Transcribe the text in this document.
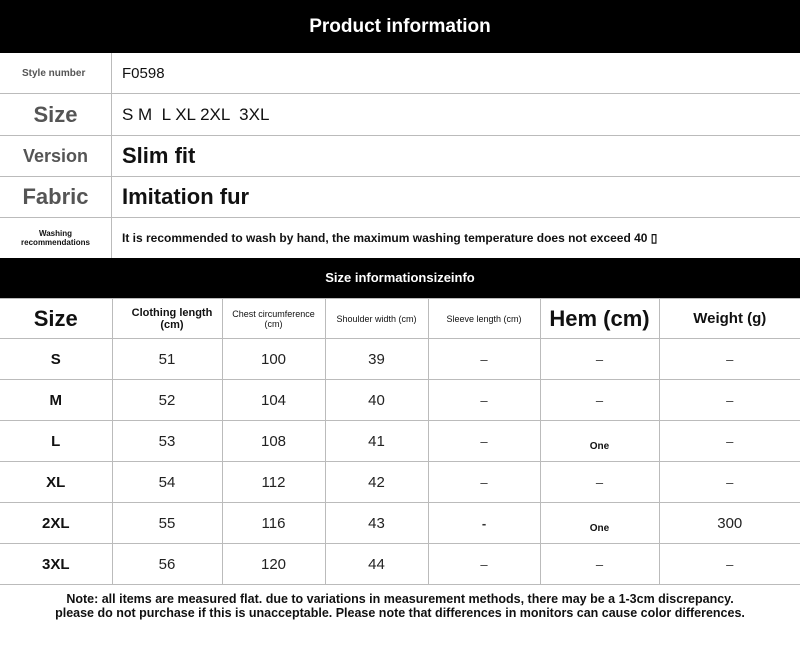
Product information
Style number	F0598
Size	S M  L XL 2XL  3XL
Version	Slim fit
Fabric	Imitation fur
Washing recommendations	It is recommended to wash by hand, the maximum washing temperature does not exceed 40 ▯
Size informationsizeinfo
Size	Clothing length (cm)	Chest circumference (cm)	Shoulder width (cm)	Sleeve length (cm)	Hem (cm)	Weight (g)
S	51	100	39	–	–	–
M	52	104	40	–	–	–
L	53	108	41	–	One	–
XL	54	112	42	–	–	–
2XL	55	116	43	-	One	300
3XL	56	120	44	–	–	–
Note: all items are measured flat. due to variations in measurement methods, there may be a 1-3cm discrepancy.
please do not purchase if this is unacceptable. Please note that differences in monitors can cause color differences.
